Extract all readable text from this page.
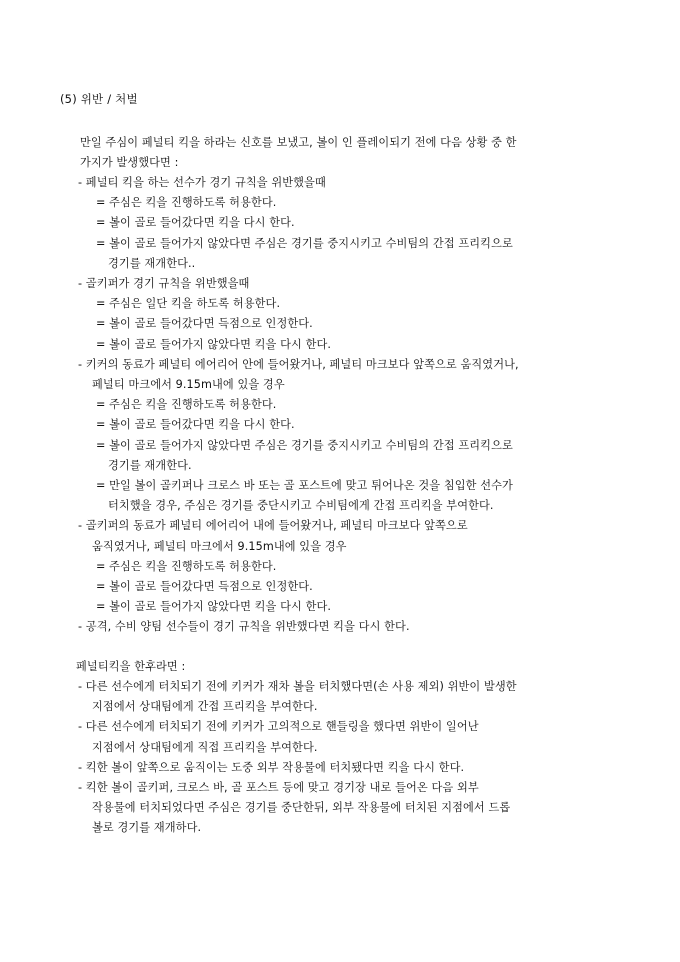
(5) 위반 / 처벌
만일 주심이 페널티 킥을 하라는 신호를 보냈고, 볼이 인 플레이되기 전에 다음 상황 중 한
가지가 발생했다면 :
- 페널티 킥을 하는 선수가 경기 규칙을 위반했을때
= 주심은 킥을 진행하도록 허용한다.
= 볼이 골로 들어갔다면 킥을 다시 한다.
= 볼이 골로 들어가지 않았다면 주심은 경기를 중지시키고 수비팀의 간접 프리킥으로
경기를 재개한다..
- 골키퍼가 경기 규칙을 위반했을때
= 주심은 일단 킥을 하도록 허용한다.
= 볼이 골로 들어갔다면 득점으로 인정한다.
= 볼이 골로 들어가지 않았다면 킥을 다시 한다.
- 키커의 동료가 페널티 에어리어 안에 들어왔거나, 페널티 마크보다 앞쪽으로 움직였거나,
페널티 마크에서 9.15m내에 있을 경우
= 주심은 킥을 진행하도록 허용한다.
= 볼이 골로 들어갔다면 킥을 다시 한다.
= 볼이 골로 들어가지 않았다면 주심은 경기를 중지시키고 수비팀의 간접 프리킥으로
경기를 재개한다.
= 만일 볼이 골키퍼나 크로스 바 또는 골 포스트에 맞고 튀어나온 것을 침입한 선수가
터치했을 경우, 주심은 경기를 중단시키고 수비팀에게 간접 프리킥을 부여한다.
- 골키퍼의 동료가 페널티 에어리어 내에 들어왔거나, 페널티 마크보다 앞쪽으로
움직였거나, 페널티 마크에서 9.15m내에 있을 경우
= 주심은 킥을 진행하도록 허용한다.
= 볼이 골로 들어갔다면 득점으로 인정한다.
= 볼이 골로 들어가지 않았다면 킥을 다시 한다.
- 공격, 수비 양팀 선수들이 경기 규칙을 위반했다면 킥을 다시 한다.
페널티킥을 한후라면 :
- 다른 선수에게 터치되기 전에 키커가 재차 볼을 터치했다면(손 사용 제외) 위반이 발생한
지점에서 상대팀에게 간접 프리킥을 부여한다.
- 다른 선수에게 터치되기 전에 키커가 고의적으로 핸들링을 했다면 위반이 일어난
지점에서 상대팀에게 직접 프리킥을 부여한다.
- 킥한 볼이 앞쪽으로 움직이는 도중 외부 작용물에 터치됐다면 킥을 다시 한다.
- 킥한 볼이 골키퍼, 크로스 바, 골 포스트 등에 맞고 경기장 내로 들어온 다음 외부
작용물에 터치되었다면 주심은 경기를 중단한뒤, 외부 작용물에 터치된 지점에서 드롭
볼로 경기를 재개하다.
